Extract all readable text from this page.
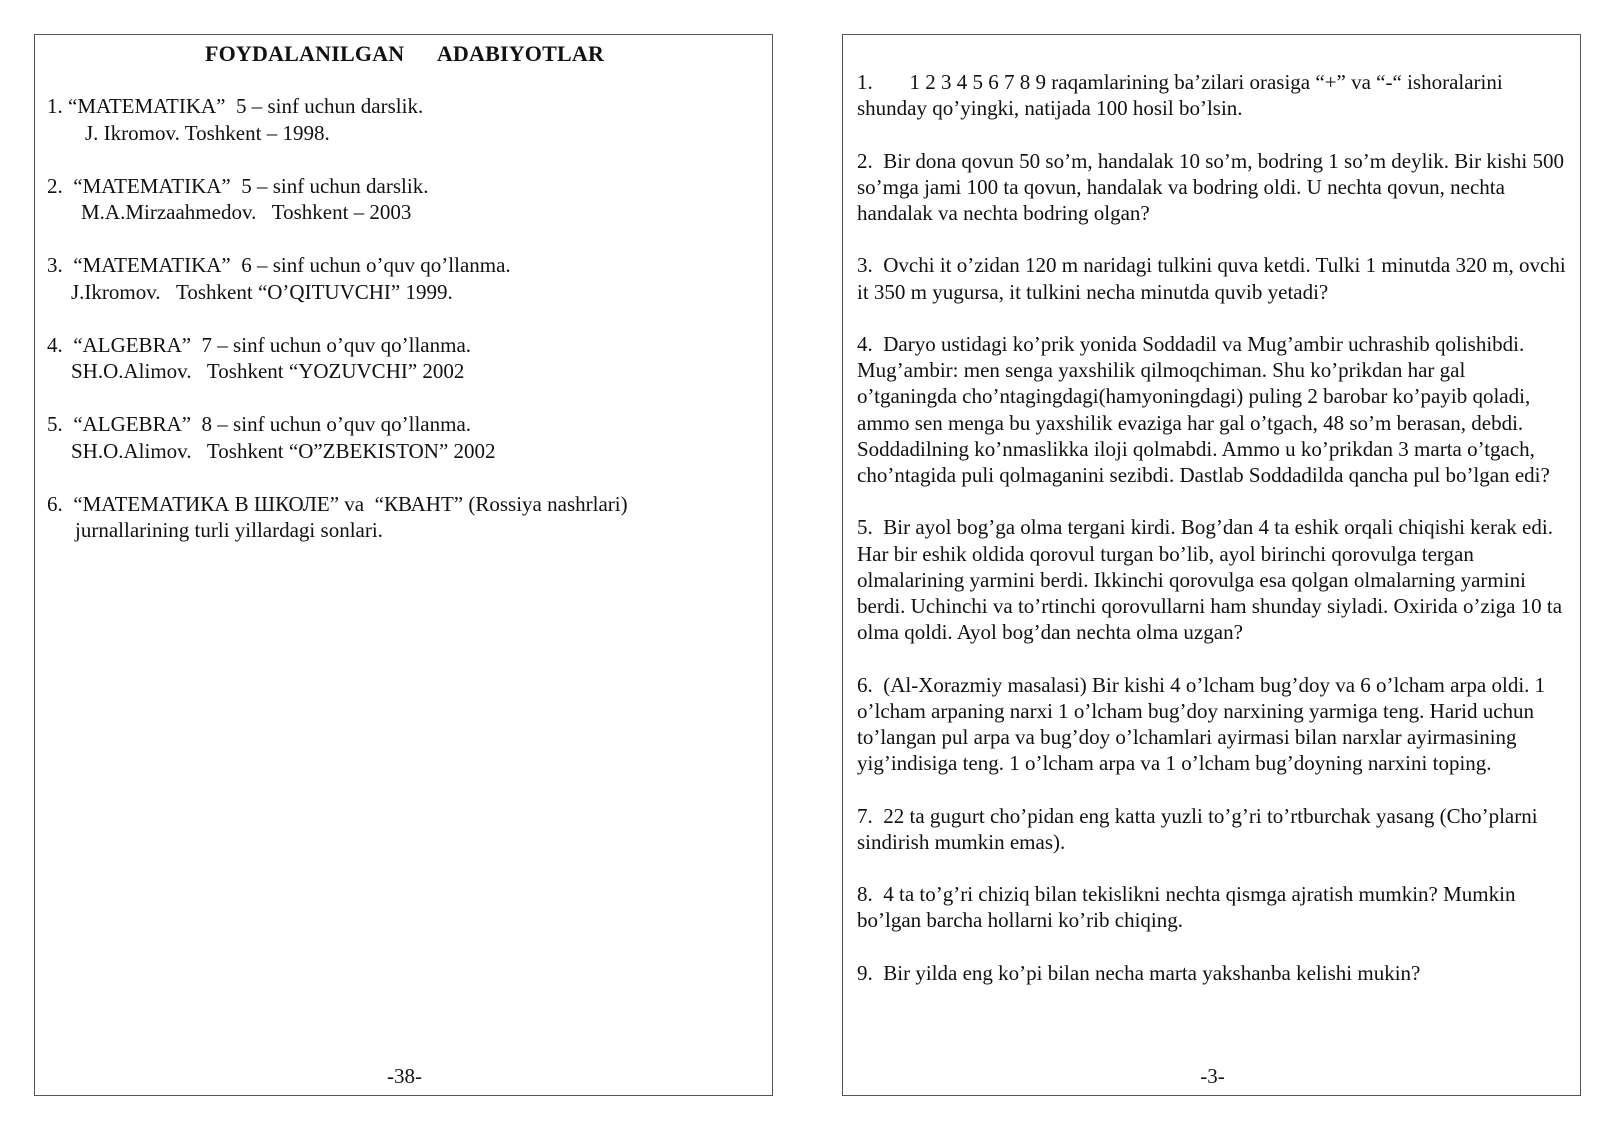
FOYDALANILGAN ADABIYOTLAR
1. “MATEMATIKA”  5 – sinf uchun darslik.
J. Ikromov. Toshkent – 1998.
2.  “MATEMATIKA”  5 – sinf uchun darslik.
M.A.Mirzaahmedov.   Toshkent – 2003
3.  “MATEMATIKA”  6 – sinf uchun o’quv qo’llanma.
J.Ikromov.   Toshkent “O’QITUVCHI” 1999.
4.  “ALGEBRA”  7 – sinf uchun o’quv qo’llanma.
SH.O.Alimov.   Toshkent “YOZUVCHI” 2002
5.  “ALGEBRA”  8 – sinf uchun o’quv qo’llanma.
SH.O.Alimov.   Toshkent “O”ZBEKISTON” 2002
6.  “МАТЕМАТИКА В ШКОЛЕ” va  “КВАНТ” (Rossiya nashrlari)
jurnallarining turli yillardagi sonlari.
-38-
1.       1 2 3 4 5 6 7 8 9 raqamlarining ba’zilari orasiga “+” va “-“ ishoralarini shunday qo’yingki, natijada 100 hosil bo’lsin.
2.  Bir dona qovun 50 so’m, handalak 10 so’m, bodring 1 so’m deylik. Bir kishi 500 so’mga jami 100 ta qovun, handalak va bodring oldi. U nechta qovun, nechta handalak va nechta bodring olgan?
3.  Ovchi it o’zidan 120 m naridagi tulkini quva ketdi. Tulki 1 minutda 320 m, ovchi it 350 m yugursa, it tulkini necha minutda quvib yetadi?
4.  Daryo ustidagi ko’prik yonida Soddadil va Mug’ambir uchrashib qolishibdi. Mug’ambir: men senga yaxshilik qilmoqchiman. Shu ko’prikdan har gal o’tganingda cho’ntagingdagi(hamyoningdagi) puling 2 barobar ko’payib qoladi, ammo sen menga bu yaxshilik evaziga har gal o’tgach, 48 so’m berasan, debdi. Soddadilning ko’nmaslikka iloji qolmabdi. Ammo u ko’prikdan 3 marta o’tgach, cho’ntagida puli qolmaganini sezibdi. Dastlab Soddadilda qancha pul bo’lgan edi?
5.  Bir ayol bog’ga olma tergani kirdi. Bog’dan 4 ta eshik orqali chiqishi kerak edi. Har bir eshik oldida qorovul turgan bo’lib, ayol birinchi qorovulga tergan olmalarining yarmini berdi. Ikkinchi qorovulga esa qolgan olmalarning yarmini berdi. Uchinchi va to’rtinchi qorovullarni ham shunday siyladi. Oxirida o’ziga 10 ta olma qoldi. Ayol bog’dan nechta olma uzgan?
6.  (Al-Xorazmiy masalasi) Bir kishi 4 o’lcham bug’doy va 6 o’lcham arpa oldi. 1 o’lcham arpaning narxi 1 o’lcham bug’doy narxining yarmiga teng. Harid uchun to’langan pul arpa va bug’doy o’lchamlari ayirmasi bilan narxlar ayirmasining yig’indisiga teng. 1 o’lcham arpa va 1 o’lcham bug’doyning narxini toping.
7.  22 ta gugurt cho’pidan eng katta yuzli to’g’ri to’rtburchak yasang (Cho’plarni sindirish mumkin emas).
8.  4 ta to’g’ri chiziq bilan tekislikni nechta qismga ajratish mumkin? Mumkin bo’lgan barcha hollarni ko’rib chiqing.
9.  Bir yilda eng ko’pi bilan necha marta yakshanba kelishi mukin?
-3-
